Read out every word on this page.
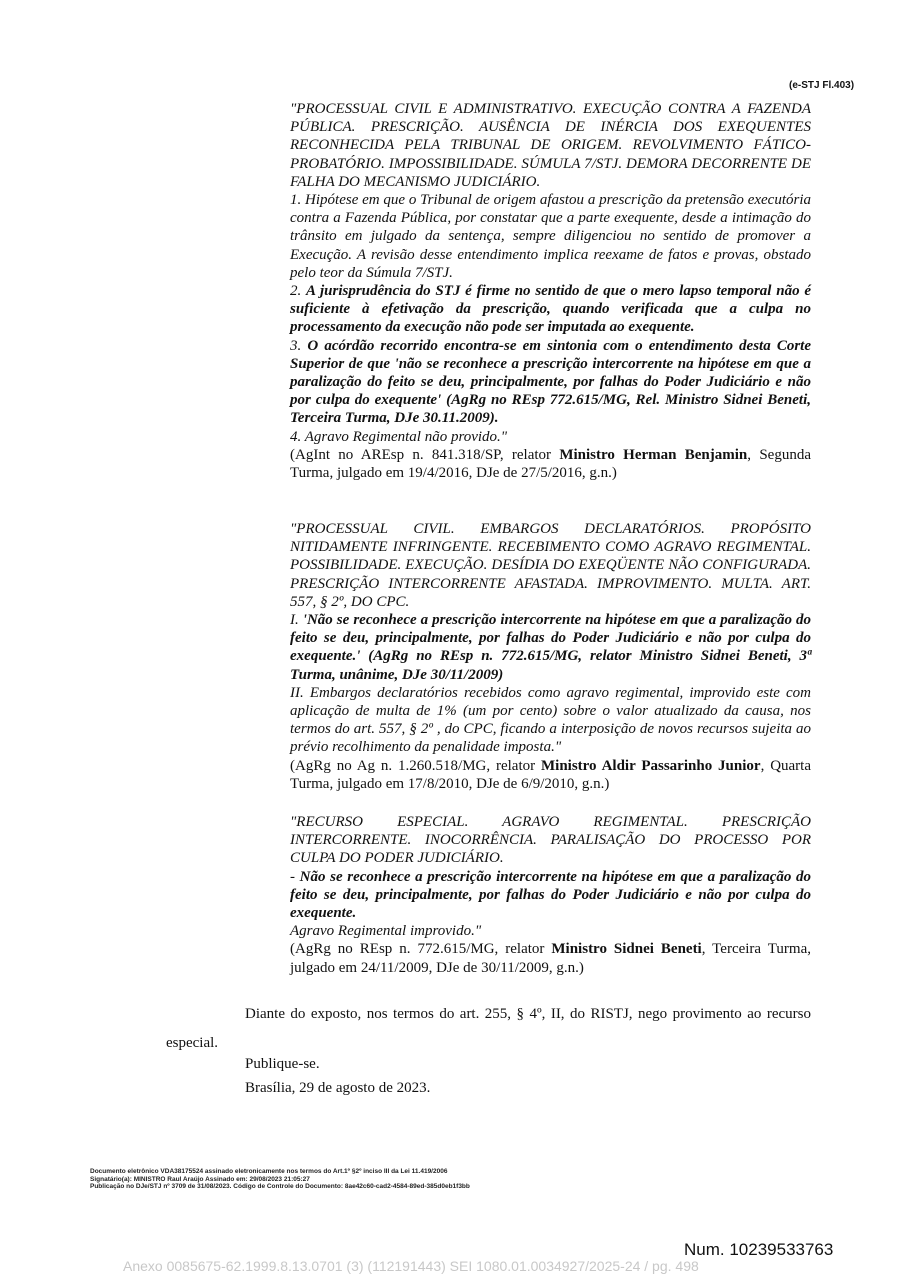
(e-STJ Fl.403)

"PROCESSUAL CIVIL E ADMINISTRATIVO. EXECUÇÃO CONTRA A FAZENDA PÚBLICA. PRESCRIÇÃO. AUSÊNCIA DE INÉRCIA DOS EXEQUENTES RECONHECIDA PELA TRIBUNAL DE ORIGEM. REVOLVIMENTO FÁTICO-PROBATÓRIO. IMPOSSIBILIDADE. SÚMULA 7/STJ. DEMORA DECORRENTE DE FALHA DO MECANISMO JUDICIÁRIO.

1. Hipótese em que o Tribunal de origem afastou a prescrição da pretensão executória contra a Fazenda Pública, por constatar que a parte exequente, desde a intimação do trânsito em julgado da sentença, sempre diligenciou no sentido de promover a Execução. A revisão desse entendimento implica reexame de fatos e provas, obstado pelo teor da Súmula 7/STJ.

2. A jurisprudência do STJ é firme no sentido de que o mero lapso temporal não é suficiente à efetivação da prescrição, quando verificada que a culpa no processamento da execução não pode ser imputada ao exequente.

3. O acórdão recorrido encontra-se em sintonia com o entendimento desta Corte Superior de que 'não se reconhece a prescrição intercorrente na hipótese em que a paralização do feito se deu, principalmente, por falhas do Poder Judiciário e não por culpa do exequente' (AgRg no REsp 772.615/MG, Rel. Ministro Sidnei Beneti, Terceira Turma, DJe 30.11.2009).

4. Agravo Regimental não provido."

(AgInt no AREsp n. 841.318/SP, relator Ministro Herman Benjamin, Segunda Turma, julgado em 19/4/2016, DJe de 27/5/2016, g.n.)

"PROCESSUAL CIVIL. EMBARGOS DECLARATÓRIOS. PROPÓSITO NITIDAMENTE INFRINGENTE. RECEBIMENTO COMO AGRAVO REGIMENTAL. POSSIBILIDADE. EXECUÇÃO. DESÍDIA DO EXEQÜENTE NÃO CONFIGURADA. PRESCRIÇÃO INTERCORRENTE AFASTADA. IMPROVIMENTO. MULTA. ART. 557, § 2º, DO CPC.

I. 'Não se reconhece a prescrição intercorrente na hipótese em que a paralização do feito se deu, principalmente, por falhas do Poder Judiciário e não por culpa do exequente.' (AgRg no REsp n. 772.615/MG, relator Ministro Sidnei Beneti, 3ª Turma, unânime, DJe 30/11/2009)

II. Embargos declaratórios recebidos como agravo regimental, improvido este com aplicação de multa de 1% (um por cento) sobre o valor atualizado da causa, nos termos do art. 557, § 2º , do CPC, ficando a interposição de novos recursos sujeita ao prévio recolhimento da penalidade imposta."

(AgRg no Ag n. 1.260.518/MG, relator Ministro Aldir Passarinho Junior, Quarta Turma, julgado em 17/8/2010, DJe de 6/9/2010, g.n.)

"RECURSO ESPECIAL. AGRAVO REGIMENTAL. PRESCRIÇÃO INTERCORRENTE. INOCORRÊNCIA. PARALISAÇÃO DO PROCESSO POR CULPA DO PODER JUDICIÁRIO.

- Não se reconhece a prescrição intercorrente na hipótese em que a paralização do feito se deu, principalmente, por falhas do Poder Judiciário e não por culpa do exequente.

Agravo Regimental improvido."

(AgRg no REsp n. 772.615/MG, relator Ministro Sidnei Beneti, Terceira Turma, julgado em 24/11/2009, DJe de 30/11/2009, g.n.)

Diante do exposto, nos termos do art. 255, § 4º, II, do RISTJ, nego provimento ao recurso especial.
Publique-se.
Brasília, 29 de agosto de 2023.
Documento eletrônico VDA38175524 assinado eletronicamente nos termos do Art.1º §2º inciso III da Lei 11.419/2006
Signatário(a): MINISTRO Raul Araújo Assinado em: 29/08/2023 21:05:27
Publicação no DJe/STJ nº 3709 de 31/08/2023. Código de Controle do Documento: 8ae42c60-cad2-4584-89ed-385d0eb1f3bb
Num. 10239533763
Anexo 0085675-62.1999.8.13.0701 (3) (112191443) SEI 1080.01.0034927/2025-24 / pg. 498
